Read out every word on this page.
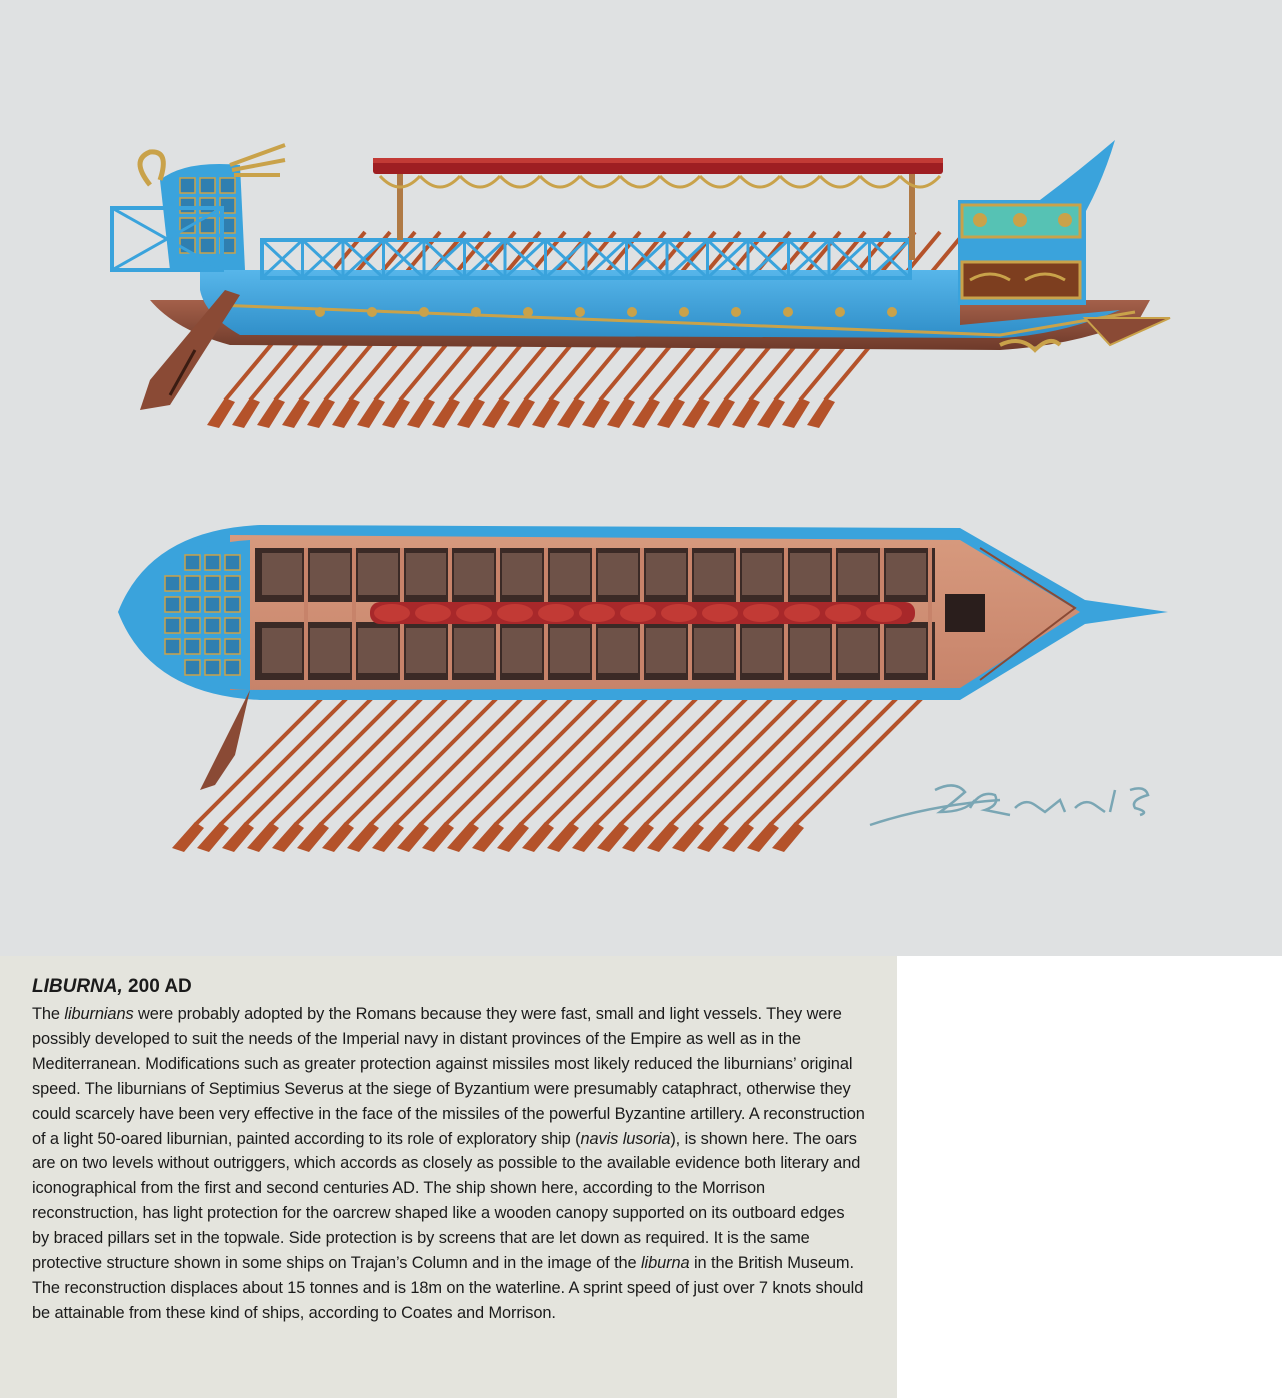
LIBURNA, 200 AD

The liburnians were probably adopted by the Romans because they were fast, small and light vessels. They were possibly developed to suit the needs of the Imperial navy in distant provinces of the Empire as well as in the Mediterranean. Modifications such as greater protection against missiles most likely reduced the liburnians’ original speed. The liburnians of Septimius Severus at the siege of Byzantium were presumably cataphract, otherwise they could scarcely have been very effective in the face of the missiles of the powerful Byzantine artillery. A reconstruction of a light 50-oared liburnian, painted according to its role of exploratory ship (navis lusoria), is shown here. The oars are on two levels without outriggers, which accords as closely as possible to the available evidence both literary and iconographical from the first and second centuries AD. The ship shown here, according to the Morrison reconstruction, has light protection for the oarcrew shaped like a wooden canopy supported on its outboard edges by braced pillars set in the topwale. Side protection is by screens that are let down as required. It is the same protective structure shown in some ships on Trajan’s Column and in the image of the liburna in the British Museum. The reconstruction displaces about 15 tonnes and is 18m on the waterline. A sprint speed of just over 7 knots should be attainable from these kind of ships, according to Coates and Morrison.
